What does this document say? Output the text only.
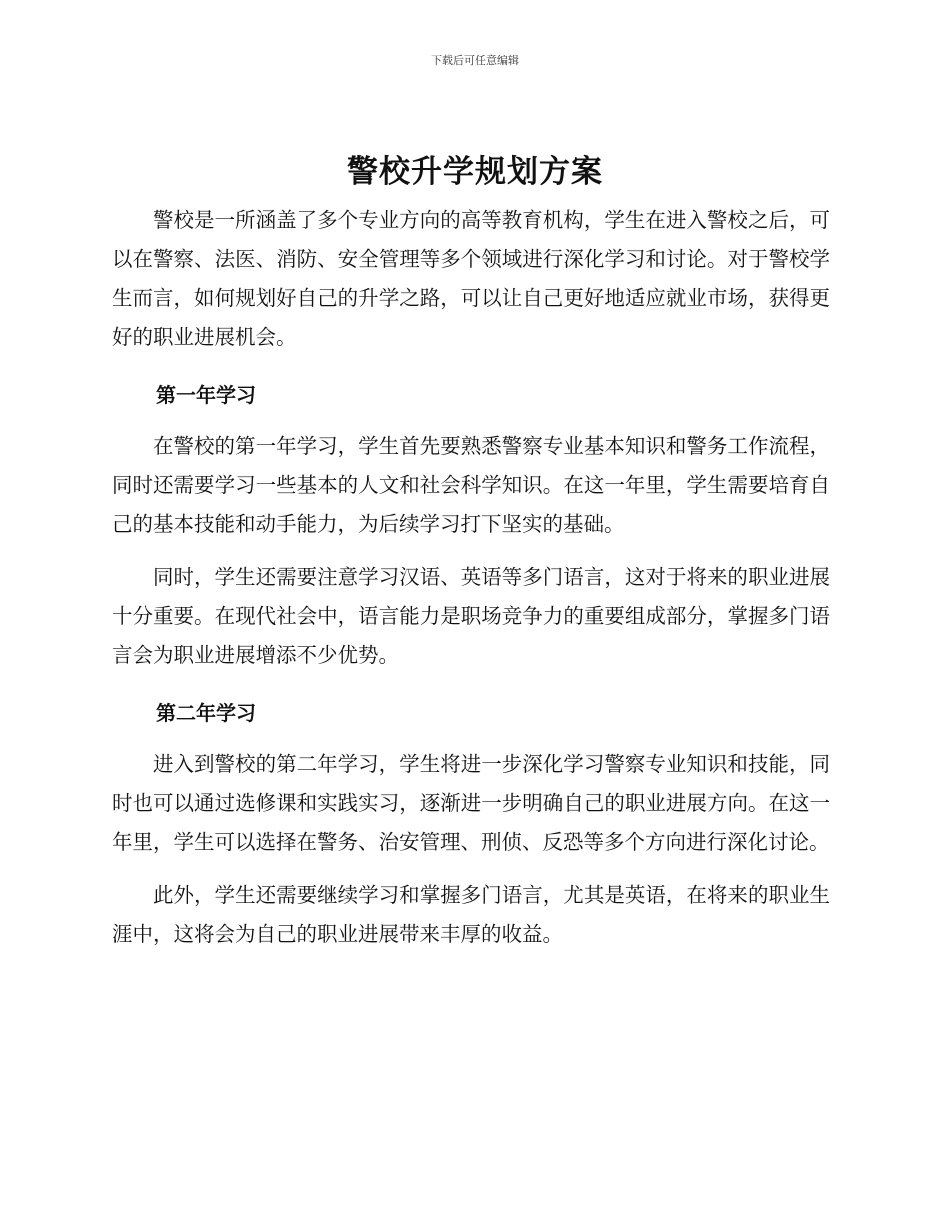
下载后可任意编辑
警校升学规划方案

警校是一所涵盖了多个专业方向的高等教育机构，学生在进入警校之后，可以在警察、法医、消防、安全管理等多个领域进行深化学习和讨论。对于警校学生而言，如何规划好自己的升学之路，可以让自己更好地适应就业市场，获得更好的职业进展机会。

第一年学习

在警校的第一年学习，学生首先要熟悉警察专业基本知识和警务工作流程，同时还需要学习一些基本的人文和社会科学知识。在这一年里，学生需要培育自己的基本技能和动手能力，为后续学习打下坚实的基础。

同时，学生还需要注意学习汉语、英语等多门语言，这对于将来的职业进展十分重要。在现代社会中，语言能力是职场竞争力的重要组成部分，掌握多门语言会为职业进展增添不少优势。

第二年学习

进入到警校的第二年学习，学生将进一步深化学习警察专业知识和技能，同时也可以通过选修课和实践实习，逐渐进一步明确自己的职业进展方向。在这一年里，学生可以选择在警务、治安管理、刑侦、反恐等多个方向进行深化讨论。

此外，学生还需要继续学习和掌握多门语言，尤其是英语，在将来的职业生涯中，这将会为自己的职业进展带来丰厚的收益。
